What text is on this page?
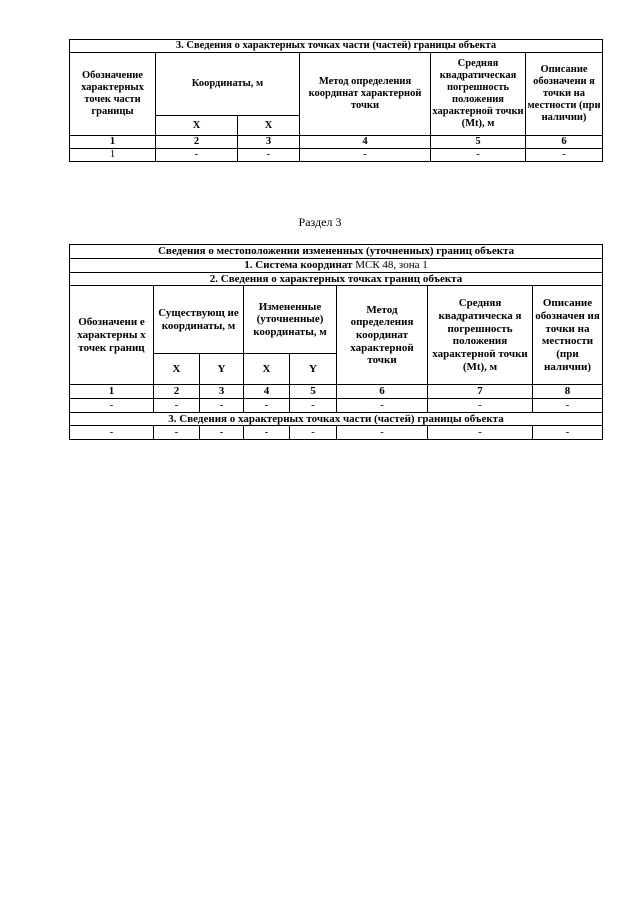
3. Сведения о характерных точках части (частей) границы объекта					
Обозначение характерных точек части границы	Координаты, м		Метод определения координат характерной точки	Средняя квадратическая погрешность положения характерной точки (Mt), м	Описание обозначени я точки на местности (при наличии)
	X	X			
1	2	3	4	5	6
1	-	-	-	-	-
Раздел 3
Сведения о местоположении измененных (уточненных) границ объекта							
1. Система координат МСК 48, зона 1							
2. Сведения о характерных точках границ объекта							
Обозначени е характерны х точек границ	Существующ ие координаты, м		Измененные (уточненные) координаты, м		Метод определения координат характерной точки	Средняя квадратическа я погрешность положения характерной точки (Mt), м	Описание обозначен ия точки на местности (при наличии)
	X	Y	X	Y			
1	2	3	4	5	6	7	8
-	-	-	-	-	-	-	-
3. Сведения о характерных точках части (частей) границы объекта							
-	-	-	-	-	-	-	-
